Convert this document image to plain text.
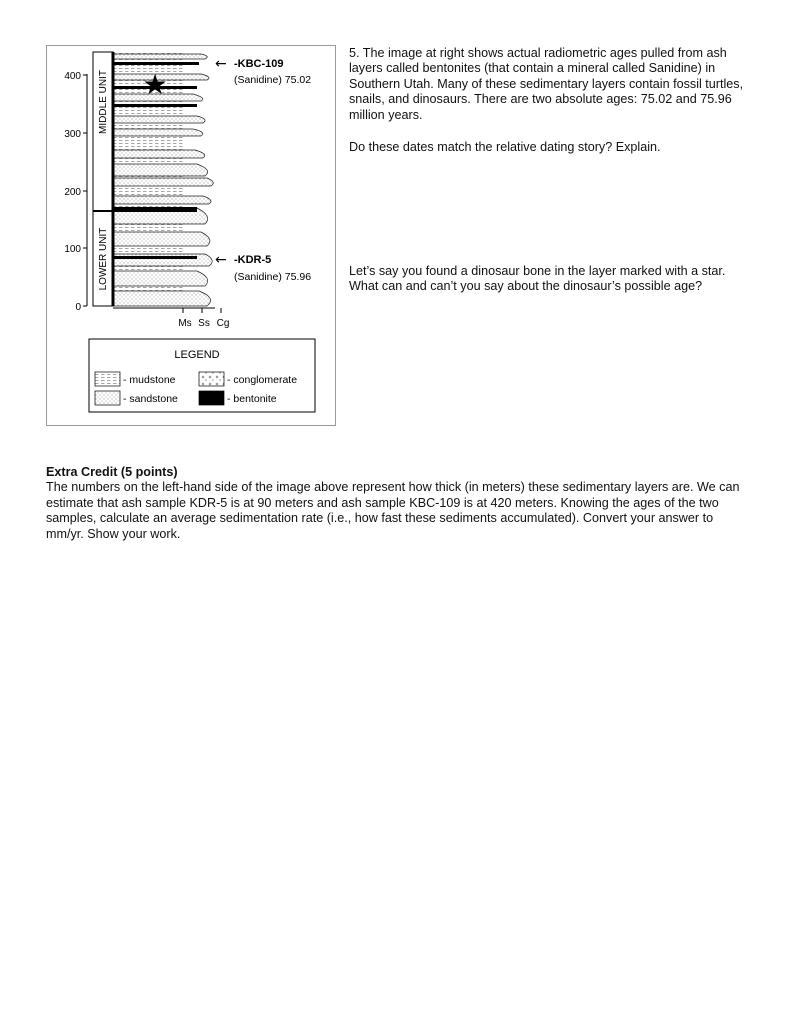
400
300
200
100
0
MIDDLE UNIT
LOWER UNIT
★
← -KBC-109
(Sanidine) 75.02
← -KDR-5
(Sanidine) 75.96
Ms Ss Cg
LEGEND
- mudstone	- conglomerate
- sandstone	- bentonite

5. The image at right shows actual radiometric ages pulled from ash layers called bentonites (that contain a mineral called Sanidine) in Southern Utah. Many of these sedimentary layers contain fossil turtles, snails, and dinosaurs. There are two absolute ages: 75.02 and 75.96 million years.

Do these dates match the relative dating story? Explain.

Let’s say you found a dinosaur bone in the layer marked with a star. What can and can’t you say about the dinosaur’s possible age?

Extra Credit (5 points)

The numbers on the left-hand side of the image above represent how thick (in meters) these sedimentary layers are. We can estimate that ash sample KDR-5 is at 90 meters and ash sample KBC-109 is at 420 meters. Knowing the ages of the two samples, calculate an average sedimentation rate (i.e., how fast these sediments accumulated). Convert your answer to mm/yr. Show your work.
